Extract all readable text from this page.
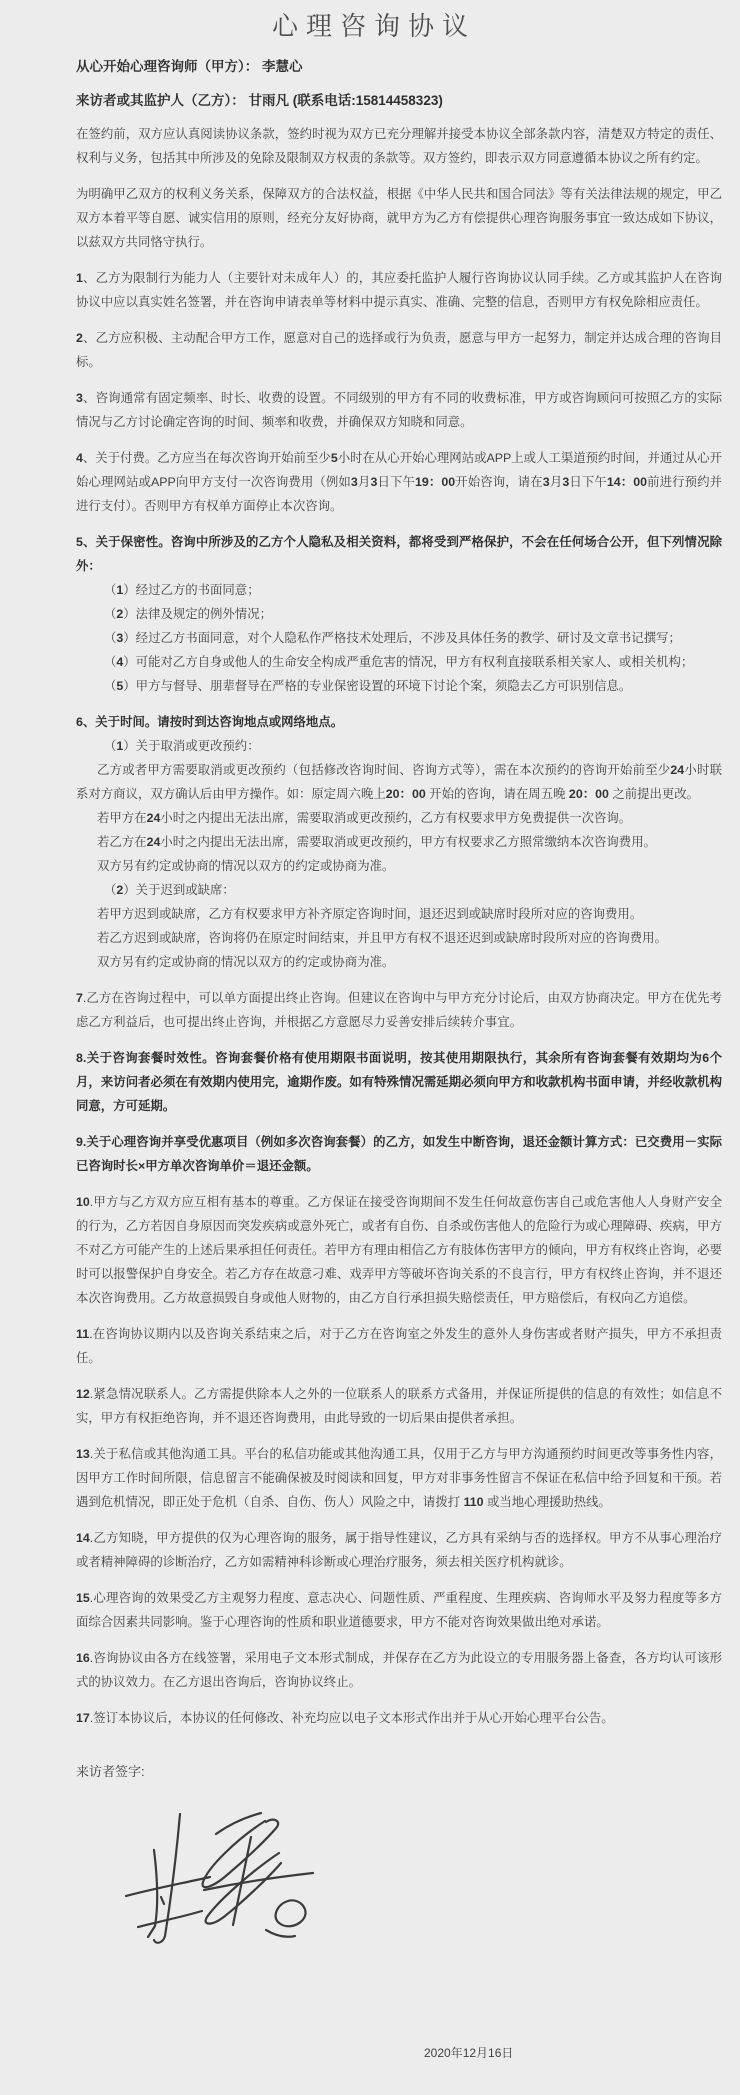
心理咨询协议
从心开始心理咨询师（甲方）： 李慧心
来访者或其监护人（乙方）： 甘雨凡 (联系电话:15814458323)

在签约前，双方应认真阅读协议条款，签约时视为双方已充分理解并接受本协议全部条款内容，清楚双方特定的责任、权利与义务，包括其中所涉及的免除及限制双方权责的条款等。双方签约，即表示双方同意遵循本协议之所有约定。

为明确甲乙双方的权利义务关系，保障双方的合法权益，根据《中华人民共和国合同法》等有关法律法规的规定，甲乙双方本着平等自愿、诚实信用的原则，经充分友好协商，就甲方为乙方有偿提供心理咨询服务事宜一致达成如下协议，以兹双方共同恪守执行。

1、乙方为限制行为能力人（主要针对未成年人）的，其应委托监护人履行咨询协议认同手续。乙方或其监护人在咨询协议中应以真实姓名签署，并在咨询申请表单等材料中提示真实、准确、完整的信息，否则甲方有权免除相应责任。

2、乙方应积极、主动配合甲方工作，愿意对自己的选择或行为负责，愿意与甲方一起努力，制定并达成合理的咨询目标。

3、咨询通常有固定频率、时长、收费的设置。不同级别的甲方有不同的收费标准，甲方或咨询顾问可按照乙方的实际情况与乙方讨论确定咨询的时间、频率和收费，并确保双方知晓和同意。

4、关于付费。乙方应当在每次咨询开始前至少5小时在从心开始心理网站或APP上或人工渠道预约时间，并通过从心开始心理网站或APP向甲方支付一次咨询费用（例如3月3日下午19：00开始咨询，请在3月3日下午14：00前进行预约并进行支付）。否则甲方有权单方面停止本次咨询。

5、关于保密性。咨询中所涉及的乙方个人隐私及相关资料，都将受到严格保护，不会在任何场合公开，但下列情况除外：

（1）经过乙方的书面同意；

（2）法律及规定的例外情况；

（3）经过乙方书面同意，对个人隐私作严格技术处理后，不涉及具体任务的教学、研讨及文章书记撰写；

（4）可能对乙方自身或他人的生命安全构成严重危害的情况，甲方有权利直接联系相关家人、或相关机构；

（5）甲方与督导、朋辈督导在严格的专业保密设置的环境下讨论个案，须隐去乙方可识别信息。

6、关于时间。请按时到达咨询地点或网络地点。

（1）关于取消或更改预约：

乙方或者甲方需要取消或更改预约（包括修改咨询时间、咨询方式等），需在本次预约的咨询开始前至少24小时联系对方商议，双方确认后由甲方操作。如：原定周六晚上20：00 开始的咨询，请在周五晚 20：00 之前提出更改。

若甲方在24小时之内提出无法出席，需要取消或更改预约，乙方有权要求甲方免费提供一次咨询。

若乙方在24小时之内提出无法出席，需要取消或更改预约，甲方有权要求乙方照常缴纳本次咨询费用。

双方另有约定或协商的情况以双方的约定或协商为准。

（2）关于迟到或缺席：

若甲方迟到或缺席，乙方有权要求甲方补齐原定咨询时间，退还迟到或缺席时段所对应的咨询费用。

若乙方迟到或缺席，咨询将仍在原定时间结束，并且甲方有权不退还迟到或缺席时段所对应的咨询费用。

双方另有约定或协商的情况以双方的约定或协商为准。

7.乙方在咨询过程中，可以单方面提出终止咨询。但建议在咨询中与甲方充分讨论后，由双方协商决定。甲方在优先考虑乙方利益后，也可提出终止咨询，并根据乙方意愿尽力妥善安排后续转介事宜。

8.关于咨询套餐时效性。咨询套餐价格有使用期限书面说明，按其使用期限执行，其余所有咨询套餐有效期均为6个月，来访问者必须在有效期内使用完，逾期作废。如有特殊情况需延期必须向甲方和收款机构书面申请，并经收款机构同意，方可延期。

9.关于心理咨询并享受优惠项目（例如多次咨询套餐）的乙方，如发生中断咨询，退还金额计算方式：已交费用－实际已咨询时长×甲方单次咨询单价＝退还金额。

10.甲方与乙方双方应互相有基本的尊重。乙方保证在接受咨询期间不发生任何故意伤害自己或危害他人人身财产安全的行为，乙方若因自身原因而突发疾病或意外死亡，或者有自伤、自杀或伤害他人的危险行为或心理障碍、疾病，甲方不对乙方可能产生的上述后果承担任何责任。若甲方有理由相信乙方有肢体伤害甲方的倾向，甲方有权终止咨询，必要时可以报警保护自身安全。若乙方存在故意刁难、戏弄甲方等破坏咨询关系的不良言行，甲方有权终止咨询，并不退还本次咨询费用。乙方故意损毁自身或他人财物的，由乙方自行承担损失赔偿责任，甲方赔偿后，有权向乙方追偿。

11.在咨询协议期内以及咨询关系结束之后，对于乙方在咨询室之外发生的意外人身伤害或者财产损失，甲方不承担责任。

12.紧急情况联系人。乙方需提供除本人之外的一位联系人的联系方式备用，并保证所提供的信息的有效性；如信息不实，甲方有权拒绝咨询，并不退还咨询费用，由此导致的一切后果由提供者承担。

13.关于私信或其他沟通工具。平台的私信功能或其他沟通工具，仅用于乙方与甲方沟通预约时间更改等事务性内容，因甲方工作时间所限，信息留言不能确保被及时阅读和回复，甲方对非事务性留言不保证在私信中给予回复和干预。若遇到危机情况，即正处于危机（自杀、自伤、伤人）风险之中，请拨打 110 或当地心理援助热线。

14.乙方知晓，甲方提供的仅为心理咨询的服务，属于指导性建议，乙方具有采纳与否的选择权。甲方不从事心理治疗或者精神障碍的诊断治疗，乙方如需精神科诊断或心理治疗服务，须去相关医疗机构就诊。

15.心理咨询的效果受乙方主观努力程度、意志决心、问题性质、严重程度、生理疾病、咨询师水平及努力程度等多方面综合因素共同影响。鉴于心理咨询的性质和职业道德要求，甲方不能对咨询效果做出绝对承诺。

16.咨询协议由各方在线签署，采用电子文本形式制成，并保存在乙方为此设立的专用服务器上备查，各方均认可该形式的协议效力。在乙方退出咨询后，咨询协议终止。

17.签订本协议后，本协议的任何修改、补充均应以电子文本形式作出并于从心开始心理平台公告。

来访者签字:
2020年12月16日
